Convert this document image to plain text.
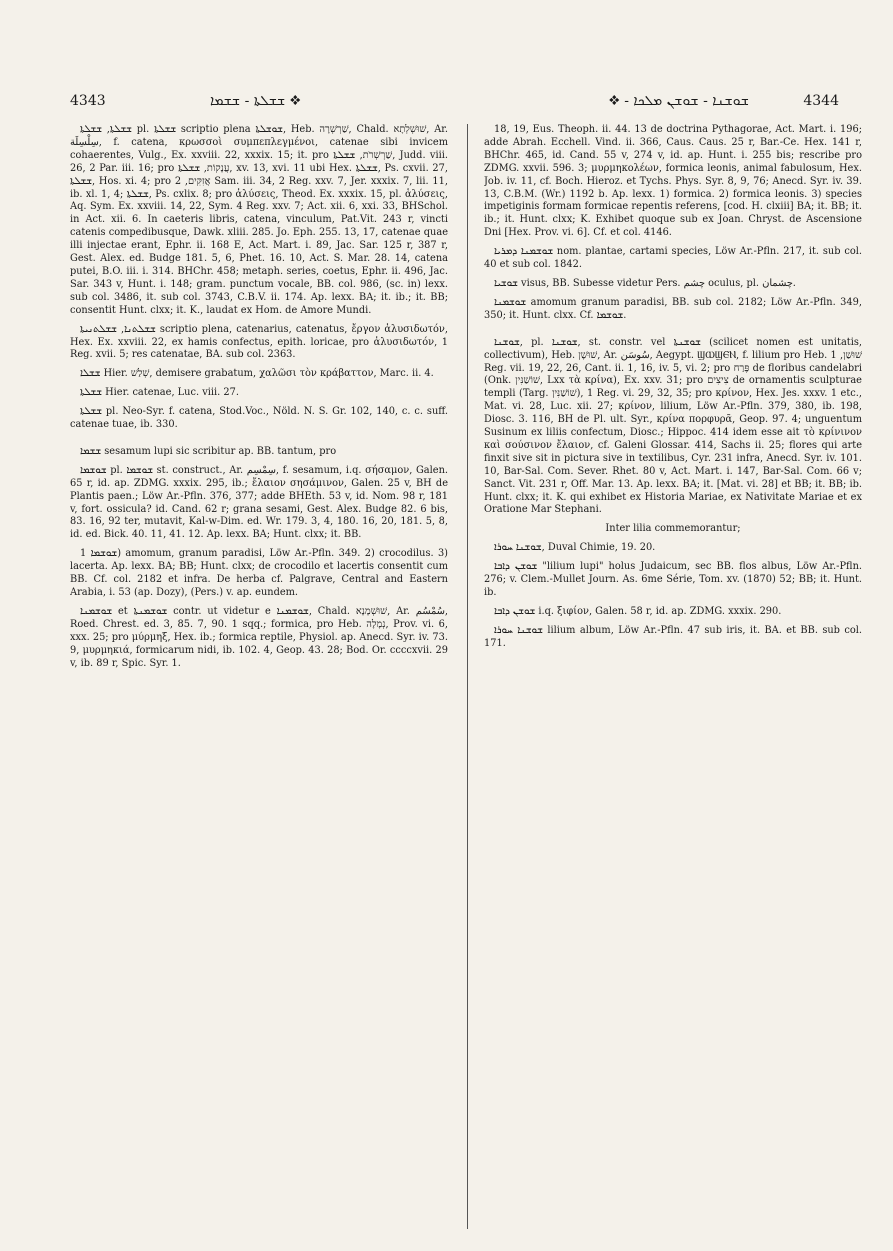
4343	❖ ܫܫܠܬܐ - ܫܫܡܐ	ܫܘܫܢܐ - ܫܘܫܢ ܡܠܟܐ - ❖	4344

ܫܫܠܬܐ, ܫܫܠܬܐ pl. ܫܫܠܬܐ scriptio plena ܫܘܫܠܬܐ, Heb. שַׁרְשְׁרָה, Chald. שׁוּשְׁלְתָא, Ar. سِلْسِلَة, f. catena, κρωσσοὶ συμπεπλεγμένοι, catenae sibi invicem cohaerentes, Vulg., Ex. xxviii. 22, xxxix. 15; it. pro שַׁרְשְׁרֹת, ܫܫܠܬܐ, Judd. viii. 26, 2 Par. iii. 16; pro עֲנָקוֹת, ܫܫܠܬܐ, xv. 13, xvi. 11 ubi Hex. ܫܫܠܬܐ, Ps. cxvii. 27, ܫܫܠܬܐ, Hos. xi. 4; pro אֲזִקִּים, 2 Sam. iii. 34, 2 Reg. xxv. 7, Jer. xxxix. 7, lii. 11, ib. xl. 1, 4; ܫܫܠܬܐ, Ps. cxlix. 8; pro ἀλύσεις, Theod. Ex. xxxix. 15, pl. ἁλύσεις, Aq. Sym. Ex. xxviii. 14, 22, Sym. 4 Reg. xxv. 7; Act. xii. 6, xxi. 33, BHSchol. in Act. xii. 6. In caeteris libris, catena, vinculum, Pat.Vit. 243 r, vincti catenis compedibusque, Dawk. xliii. 285. Jo. Eph. 255. 13, 17, catenae quae illi injectae erant, Ephr. ii. 168 E, Act. Mart. i. 89, Jac. Sar. 125 r, 387 r, Gest. Alex. ed. Budge 181. 5, 6, Phet. 16. 10, Act. S. Mar. 28. 14, catena putei, B.O. iii. i. 314. BHChr. 458; metaph. series, coetus, Ephr. ii. 496, Jac. Sar. 343 v, Hunt. i. 148; gram. punctum vocale, BB. col. 986, (sc. in) lexx. sub col. 3486, it. sub col. 3743, C.B.V. ii. 174. Ap. lexx. BA; it. ib.; it. BB; consentit Hunt. clxx; it. K., laudat ex Hom. de Amore Mundi.

ܫܫܠܬܢܐ, ܫܫܠܬܢܝܬܐ scriptio plena, catenarius, catenatus, ἔργον ἁλυσιδωτόν, Hex. Ex. xxviii. 22, ex hamis confectus, epith. loricae, pro ἁλυσιδωτόν, 1 Reg. xvii. 5; res catenatae, BA. sub col. 2363.

ܫܫܠܐ Hier. שְׁלַשׁ, demisere grabatum, χαλῶσι τὸν κράβαττον, Marc. ii. 4.

ܫܫܠܬܐ Hier. catenae, Luc. viii. 27.

ܫܫܠܬܐ pl. Neo-Syr. f. catena, Stod.Voc., Nöld. N. S. Gr. 102, 140, c. c. suff. catenae tuae, ib. 330.

ܫܫܡܐ sesamum lupi sic scribitur ap. BB. tantum, pro

ܫܘܫܡܐ pl. ܫܘܫܡܐ st. construct., Ar. سِمْسِم, f. sesamum, i.q. σήσαμον, Galen. 65 r, id. ap. ZDMG. xxxix. 295, ib.; ἔλαιον σησάμινον, Galen. 25 v, BH de Plantis paen.; Löw Ar.-Pfln. 376, 377; adde BHEth. 53 v, id. Nom. 98 r, 181 v, fort. ossicula? id. Cand. 62 r; grana sesami, Gest. Alex. Budge 82. 6 bis, 83. 16, 92 ter, mutavit, Kal-w-Dim. ed. Wr. 179. 3, 4, 180. 16, 20, 181. 5, 8, id. ed. Bick. 40. 11, 41. 12. Ap. lexx. BA; Hunt. clxx; it. BB.

ܫܘܫܡܐ 1) amomum, granum paradisi, Löw Ar.-Pfln. 349. 2) crocodilus. 3) lacerta. Ap. lexx. BA; BB; Hunt. clxx; de crocodilo et lacertis consentit cum BB. Cf. col. 2182 et infra. De herba cf. Palgrave, Central and Eastern Arabia, i. 53 (ap. Dozy), (Pers.) v. ap. eundem.

ܫܘܫܡܢܐ et ܫܘܫܡܢܬܐ contr. ut videtur e ܫܘܫܡܢܐ, Chald. שׁוּשְׁמָנָא, Ar. سُمْسُم, Roed. Chrest. ed. 3, 85. 7, 90. 1 sqq.; formica, pro Heb. נְמָלָה, Prov. vi. 6, xxx. 25; pro μύρμηξ, Hex. ib.; formica reptile, Physiol. ap. Anecd. Syr. iv. 73. 9, μυρμηκιά, formicarum nidi, ib. 102. 4, Geop. 43. 28; Bod. Or. ccccxvii. 29 v, ib. 89 r, Spic. Syr. 1.

18, 19, Eus. Theoph. ii. 44. 13 de doctrina Pythagorae, Act. Mart. i. 196; adde Abrah. Ecchell. Vind. ii. 366, Caus. Caus. 25 r, Bar.-Ce. Hex. 141 r, BHChr. 465, id. Cand. 55 v, 274 v, id. ap. Hunt. i. 255 bis; rescribe pro ZDMG. xxvii. 596. 3; μυρμηκολέων, formica leonis, animal fabulosum, Hex. Job. iv. 11, cf. Boch. Hieroz. et Tychs. Phys. Syr. 8, 9, 76; Anecd. Syr. iv. 39. 13, C.B.M. (Wr.) 1192 b. Ap. lexx. 1) formica. 2) formica leonis. 3) species impetiginis formam formicae repentis referens, [cod. H. clxiii] BA; it. BB; it. ib.; it. Hunt. clxx; K. Exhibet quoque sub ex Joan. Chryst. de Ascensione Dni [Hex. Prov. vi. 6]. Cf. et col. 4146.

ܫܘܫܡܢܐ ܕܡܪܝܐ nom. plantae, cartami species, Löw Ar.-Pfln. 217, it. sub col. 40 et sub col. 1842.

ܫܘܫܝܐ visus, BB. Subesse videtur Pers. چشم oculus, pl. چشمان.

ܫܘܫܡܢܐ amomum granum paradisi, BB. sub col. 2182; Löw Ar.-Pfln. 349, 350; it. Hunt. clxx. Cf. ܫܘܫܡܐ.

ܫܘܫܢܐ, pl. ܫܘܫܢܐ, st. constr. vel ܫܘܫܢܬܐ (scilicet nomen est unitatis, collectivum), Heb. שׁוּשָׁן, Ar. سُوسَن, Aegypt. ϢⲰϢⲈⲚ, f. lilium pro Heb. שׁוּשַׁן, 1 Reg. vii. 19, 22, 26, Cant. ii. 1, 16, iv. 5, vi. 2; pro פֶּרַח de floribus candelabri (Onk. שׁוֹשַׁנִּין, Lxx τὰ κρίνα), Ex. xxv. 31; pro צִיצִים de ornamentis sculpturae templi (Targ. שׁוֹשַׁנִּין), 1 Reg. vi. 29, 32, 35; pro κρίνον, Hex. Jes. xxxv. 1 etc., Mat. vi. 28, Luc. xii. 27; κρίνον, lilium, Löw Ar.-Pfln. 379, 380, ib. 198, Diosc. 3. 116, BH de Pl. ult. Syr., κρίνα πορφυρᾶ, Geop. 97. 4; unguentum Susinum ex liliis confectum, Diosc.; Hippoc. 414 idem esse ait τὸ κρίνινον καὶ σούσινον ἔλαιον, cf. Galeni Glossar. 414, Sachs ii. 25; flores qui arte finxit sive sit in pictura sive in textilibus, Cyr. 231 infra, Anecd. Syr. iv. 101. 10, Bar-Sal. Com. Sever. Rhet. 80 v, Act. Mart. i. 147, Bar-Sal. Com. 66 v; Sanct. Vit. 231 r, Off. Mar. 13. Ap. lexx. BA; it. [Mat. vi. 28] et BB; it. BB; ib. Hunt. clxx; it. K. qui exhibet ex Historia Mariae, ex Nativitate Mariae et ex Oratione Mar Stephani.

Inter lilia commemorantur;

ܫܘܫܢܐ ܚܘܪܐ, Duval Chimie, 19. 20.

ܫܘܫܢ ܕܐܒܐ "lilium lupi" holus Judaicum, sec BB. flos albus, Löw Ar.-Pfln. 276; v. Clem.-Mullet Journ. As. 6me Série, Tom. xv. (1870) 52; BB; it. Hunt. ib.

ܫܘܫܢ ܕܐܒܐ i.q. ξιφίον, Galen. 58 r, id. ap. ZDMG. xxxix. 290.

ܫܘܫܢܐ ܚܘܪܐ lilium album, Löw Ar.-Pfln. 47 sub iris, it. BA. et BB. sub col. 171.
